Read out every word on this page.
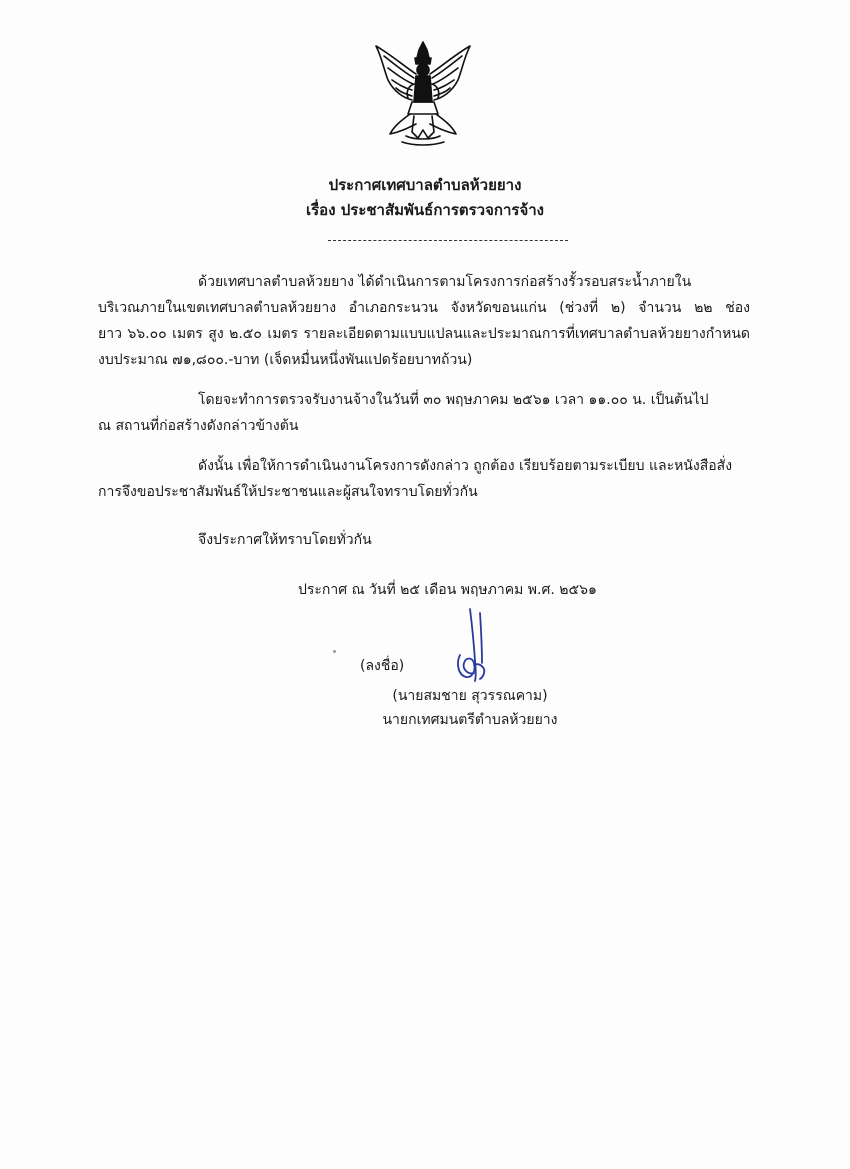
ประกาศเทศบาลตำบลห้วยยาง
เรื่อง ประชาสัมพันธ์การตรวจการจ้าง
ด้วยเทศบาลตำบลห้วยยาง ได้ดำเนินการตามโครงการก่อสร้างรั้วรอบสระน้ำภายใน
บริเวณภายในเขตเทศบาลตำบลห้วยยาง อำเภอกระนวน จังหวัดขอนแก่น (ช่วงที่ ๒) จำนวน ๒๒ ช่อง
ยาว ๖๖.๐๐ เมตร สูง ๒.๕๐ เมตร รายละเอียดตามแบบแปลนและประมาณการที่เทศบาลตำบลห้วยยางกำหนด
งบประมาณ ๗๑,๘๐๐.-บาท (เจ็ดหมื่นหนึ่งพันแปดร้อยบาทถ้วน)
โดยจะทำการตรวจรับงานจ้างในวันที่ ๓๐ พฤษภาคม ๒๕๖๑ เวลา ๑๑.๐๐ น. เป็นต้นไป
ณ สถานที่ก่อสร้างดังกล่าวข้างต้น
ดังนั้น เพื่อให้การดำเนินงานโครงการดังกล่าว ถูกต้อง เรียบร้อยตามระเบียบ และหนังสือสั่ง
การจึงขอประชาสัมพันธ์ให้ประชาชนและผู้สนใจทราบโดยทั่วกัน
จึงประกาศให้ทราบโดยทั่วกัน
ประกาศ ณ วันที่ ๒๕ เดือน พฤษภาคม พ.ศ. ๒๕๖๑
(ลงชื่อ)
(นายสมชาย สุวรรณคาม)
นายกเทศมนตรีตำบลห้วยยาง
